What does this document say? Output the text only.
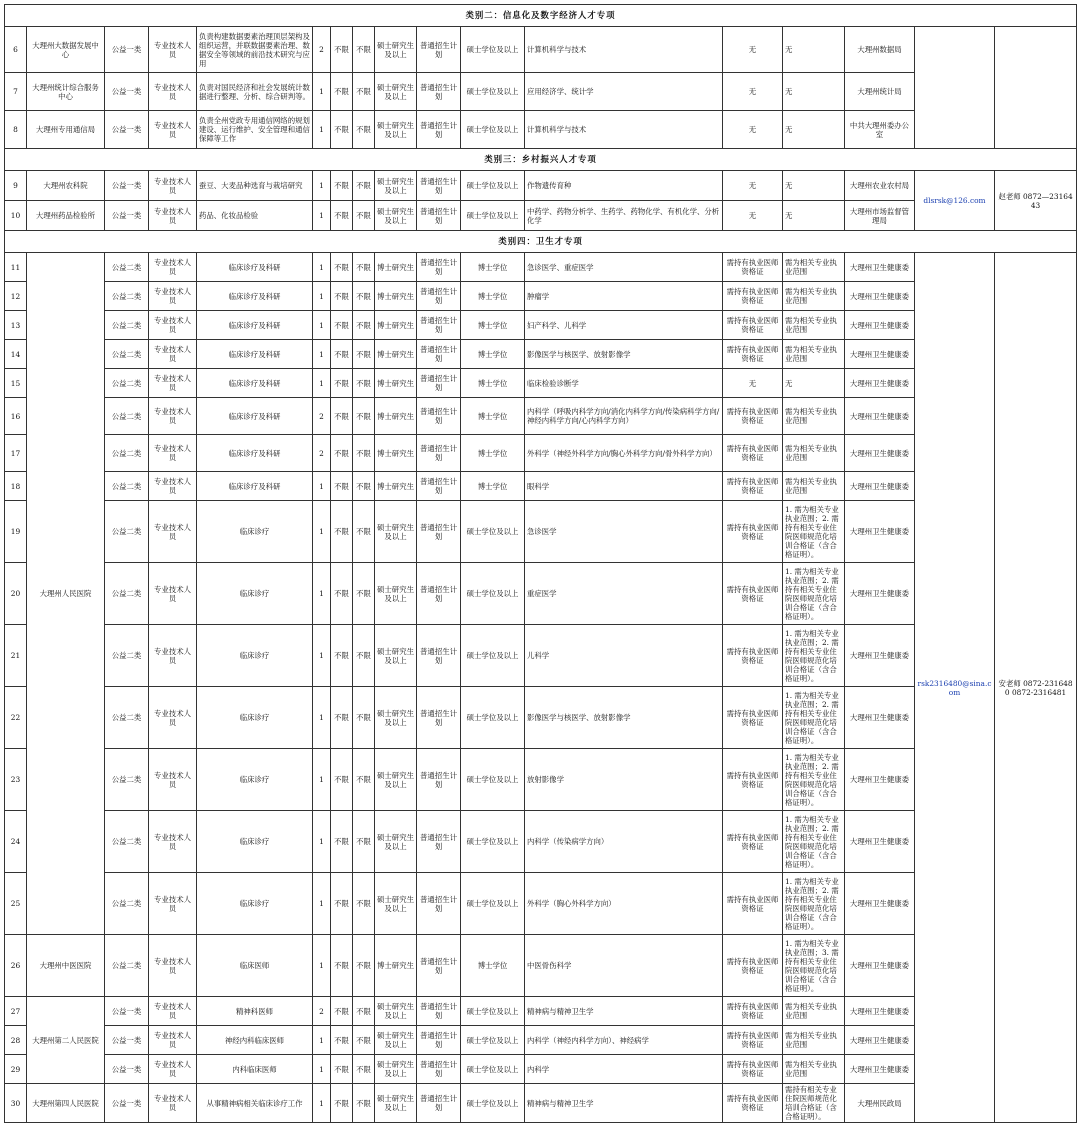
类别二：信息化及数字经济人才专项																
6	大理州大数据发展中心	公益一类	专业技术人员	负责构建数据要素治理顶层架构及组织运营，并联数据要素治理、数据安全等领域的前沿技术研究与应用	2	不限	不限	硕士研究生及以上	普通招生计划	硕士学位及以上	计算机科学与技术	无	无	大理州数据局		
7	大理州统计综合服务中心	公益一类	专业技术人员	负责对国民经济和社会发展统计数据进行整理、分析、综合研判等。	1	不限	不限	硕士研究生及以上	普通招生计划	硕士学位及以上	应用经济学、统计学	无	无	大理州统计局		
8	大理州专用通信局	公益一类	专业技术人员	负责全州党政专用通信网络的规划建设、运行维护、安全管理和通信保障等工作	1	不限	不限	硕士研究生及以上	普通招生计划	硕士学位及以上	计算机科学与技术	无	无	中共大理州委办公室		
类别三：乡村振兴人才专项																
9	大理州农科院	公益一类	专业技术人员	蚕豆、大麦品种选育与栽培研究	1	不限	不限	硕士研究生及以上	普通招生计划	硕士学位及以上	作物遗传育种	无	无	大理州农业农村局	dlsrsk@126.com	赵老师 0872—2316443
10	大理州药品检验所	公益一类	专业技术人员	药品、化妆品检验	1	不限	不限	硕士研究生及以上	普通招生计划	硕士学位及以上	中药学、药物分析学、生药学、药物化学、有机化学、分析化学	无	无	大理州市场监督管理局		
类别四：卫生才专项																
11	大理州人民医院	公益二类	专业技术人员	临床诊疗及科研	1	不限	不限	博士研究生	普通招生计划	博士学位	急诊医学、重症医学	需持有执业医师资格证	需为相关专业执业范围	大理州卫生健康委	rsk2316480@sina.com	安老师 0872-2316480 0872-2316481
12		公益二类	专业技术人员	临床诊疗及科研	1	不限	不限	博士研究生	普通招生计划	博士学位	肿瘤学	需持有执业医师资格证	需为相关专业执业范围	大理州卫生健康委		
13		公益二类	专业技术人员	临床诊疗及科研	1	不限	不限	博士研究生	普通招生计划	博士学位	妇产科学、儿科学	需持有执业医师资格证	需为相关专业执业范围	大理州卫生健康委		
14		公益二类	专业技术人员	临床诊疗及科研	1	不限	不限	博士研究生	普通招生计划	博士学位	影像医学与核医学、放射影像学	需持有执业医师资格证	需为相关专业执业范围	大理州卫生健康委		
15		公益二类	专业技术人员	临床诊疗及科研	1	不限	不限	博士研究生	普通招生计划	博士学位	临床检验诊断学	无	无	大理州卫生健康委		
16		公益二类	专业技术人员	临床诊疗及科研	2	不限	不限	博士研究生	普通招生计划	博士学位	内科学（呼吸内科学方向/消化内科学方向/传染病科学方向/神经内科学方向/心内科学方向）	需持有执业医师资格证	需为相关专业执业范围	大理州卫生健康委		
17		公益二类	专业技术人员	临床诊疗及科研	2	不限	不限	博士研究生	普通招生计划	博士学位	外科学（神经外科学方向/胸心外科学方向/骨外科学方向）	需持有执业医师资格证	需为相关专业执业范围	大理州卫生健康委		
18		公益二类	专业技术人员	临床诊疗及科研	1	不限	不限	博士研究生	普通招生计划	博士学位	眼科学	需持有执业医师资格证	需为相关专业执业范围	大理州卫生健康委		
19		公益二类	专业技术人员	临床诊疗	1	不限	不限	硕士研究生及以上	普通招生计划	硕士学位及以上	急诊医学	需持有执业医师资格证	1. 需为相关专业执业范围；2. 需持有相关专业住院医师规范化培训合格证（含合格证明）。	大理州卫生健康委		
20		公益二类	专业技术人员	临床诊疗	1	不限	不限	硕士研究生及以上	普通招生计划	硕士学位及以上	重症医学	需持有执业医师资格证	1. 需为相关专业执业范围；2. 需持有相关专业住院医师规范化培训合格证（含合格证明）。	大理州卫生健康委		
21		公益二类	专业技术人员	临床诊疗	1	不限	不限	硕士研究生及以上	普通招生计划	硕士学位及以上	儿科学	需持有执业医师资格证	1. 需为相关专业执业范围；2. 需持有相关专业住院医师规范化培训合格证（含合格证明）。	大理州卫生健康委		
22		公益二类	专业技术人员	临床诊疗	1	不限	不限	硕士研究生及以上	普通招生计划	硕士学位及以上	影像医学与核医学、放射影像学	需持有执业医师资格证	1. 需为相关专业执业范围；2. 需持有相关专业住院医师规范化培训合格证（含合格证明）。	大理州卫生健康委		
23		公益二类	专业技术人员	临床诊疗	1	不限	不限	硕士研究生及以上	普通招生计划	硕士学位及以上	放射影像学	需持有执业医师资格证	1. 需为相关专业执业范围；2. 需持有相关专业住院医师规范化培训合格证（含合格证明）。	大理州卫生健康委		
24		公益二类	专业技术人员	临床诊疗	1	不限	不限	硕士研究生及以上	普通招生计划	硕士学位及以上	内科学（传染病学方向）	需持有执业医师资格证	1. 需为相关专业执业范围；2. 需持有相关专业住院医师规范化培训合格证（含合格证明）。	大理州卫生健康委		
25		公益二类	专业技术人员	临床诊疗	1	不限	不限	硕士研究生及以上	普通招生计划	硕士学位及以上	外科学（胸心外科学方向）	需持有执业医师资格证	1. 需为相关专业执业范围；2. 需持有相关专业住院医师规范化培训合格证（含合格证明）。	大理州卫生健康委		
26	大理州中医医院	公益二类	专业技术人员	临床医师	1	不限	不限	博士研究生	普通招生计划	博士学位	中医骨伤科学	需持有执业医师资格证	1. 需为相关专业执业范围；3. 需持有相关专业住院医师规范化培训合格证（含合格证明）。	大理州卫生健康委		
27	大理州第二人民医院	公益一类	专业技术人员	精神科医师	2	不限	不限	硕士研究生及以上	普通招生计划	硕士学位及以上	精神病与精神卫生学	需持有执业医师资格证	需为相关专业执业范围	大理州卫生健康委		
28		公益一类	专业技术人员	神经内科临床医师	1	不限	不限	硕士研究生及以上	普通招生计划	硕士学位及以上	内科学（神经内科学方向）、神经病学	需持有执业医师资格证	需为相关专业执业范围	大理州卫生健康委		
29		公益一类	专业技术人员	内科临床医师	1	不限	不限	硕士研究生及以上	普通招生计划	硕士学位及以上	内科学	需持有执业医师资格证	需为相关专业执业范围	大理州卫生健康委		
30	大理州第四人民医院	公益一类	专业技术人员	从事精神病相关临床诊疗工作	1	不限	不限	硕士研究生及以上	普通招生计划	硕士学位及以上	精神病与精神卫生学	需持有执业医师资格证	需持有相关专业住院医师规范化培训合格证（含合格证明）。	大理州民政局		
